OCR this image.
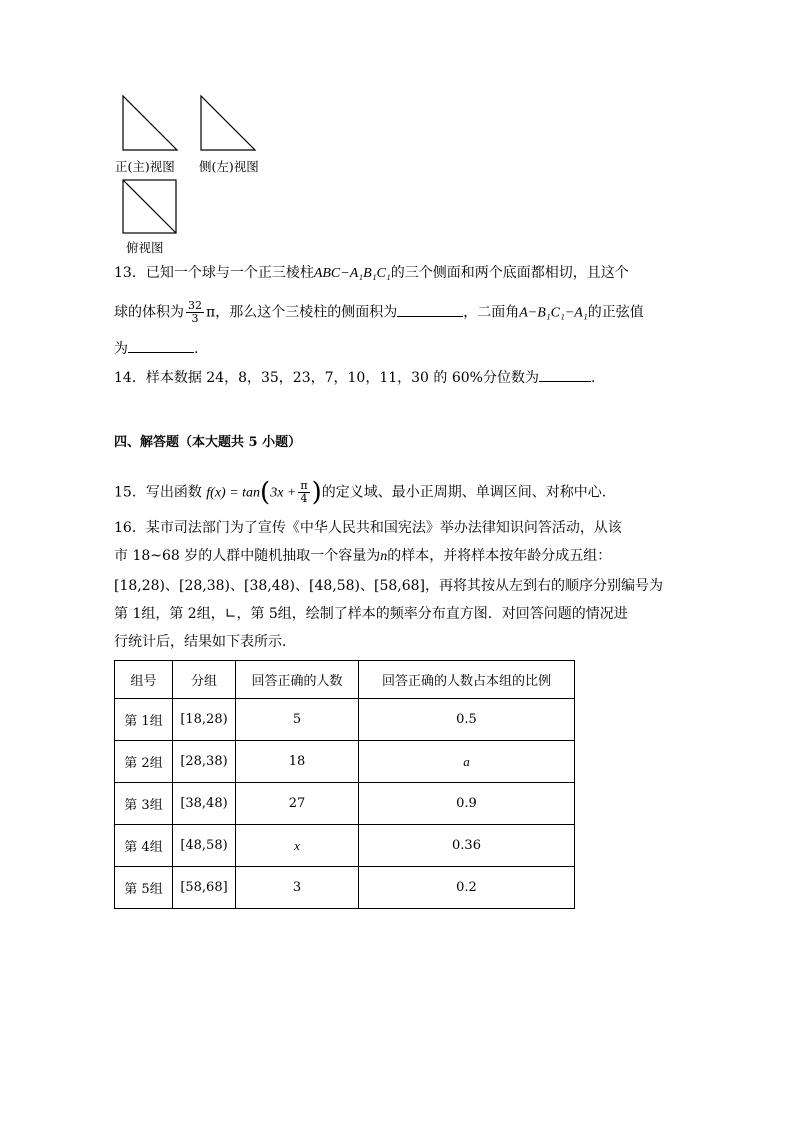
正(主)视图 侧(左)视图
俯视图
13．已知一个球与一个正三棱柱ABC−A₁B₁C₁的三个侧面和两个底面都相切，且这个
球的体积为 $\frac{32}{3}$ π，那么这个三棱柱的侧面积为	，二面角A−B₁C₁−A₁的正弦值
为	.
14．样本数据 24，8，35，23，7，10，11，30 的 60%分位数为	.
四、解答题（本大题共 5 小题）
15．写出函数 $f(x) = \tan(3x + \frac{\pi}{4}$ )的定义域、最小正周期、单调区间、对称中心．
16．某市司法部门为了宣传《中华人民共和国宪法》举办法律知识问答活动，从该
市 18~68 岁的人群中随机抽取一个容量为n的样本，并将样本按年龄分成五组：
[18,28)、[28,38)、[38,48)、[48,58)、[58,68]，再将其按从左到右的顺序分别编号为
第 1组，第 2组，∟，第 5组，绘制了样本的频率分布直方图．对回答问题的情况进
行统计后，结果如下表所示．
组号	分组	回答正确的人数	回答正确的人数占本组的比例
第 1组	[18,28)	5	0.5
第 2组	[28,38)	18	a
第 3组	[38,48)	27	0.9
第 4组	[48,58)	x	0.36
第 5组	[58,68]	3	0.2
